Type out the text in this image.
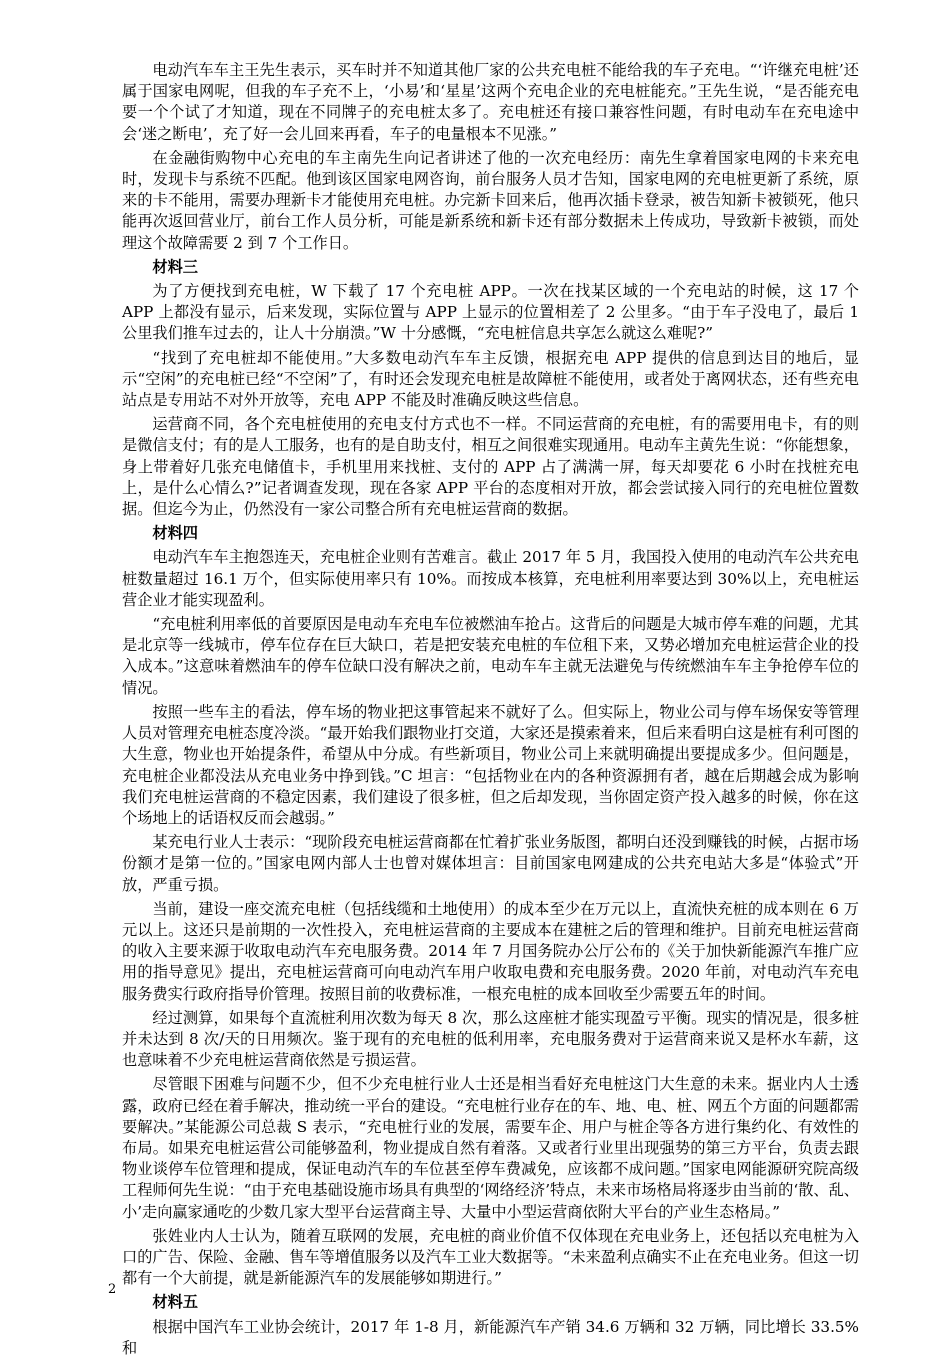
电动汽车车主王先生表示，买车时并不知道其他厂家的公共充电桩不能给我的车子充电。“‘许继充电桩’还属于国家电网呢，但我的车子充不上，‘小易’和‘星星’这两个充电企业的充电桩能充。”王先生说，“是否能充电要一个个试了才知道，现在不同牌子的充电桩太多了。充电桩还有接口兼容性问题，有时电动车在充电途中会‘迷之断电’，充了好一会儿回来再看，车子的电量根本不见涨。”

在金融街购物中心充电的车主南先生向记者讲述了他的一次充电经历：南先生拿着国家电网的卡来充电时，发现卡与系统不匹配。他到该区国家电网咨询，前台服务人员才告知，国家电网的充电桩更新了系统，原来的卡不能用，需要办理新卡才能使用充电桩。办完新卡回来后，他再次插卡登录，被告知新卡被锁死，他只能再次返回营业厅，前台工作人员分析，可能是新系统和新卡还有部分数据未上传成功，导致新卡被锁，而处理这个故障需要 2 到 7 个工作日。

材料三

为了方便找到充电桩，W 下载了 17 个充电桩 APP。一次在找某区域的一个充电站的时候，这 17 个 APP 上都没有显示，后来发现，实际位置与 APP 上显示的位置相差了 2 公里多。“由于车子没电了，最后 1 公里我们推车过去的，让人十分崩溃。”W 十分感慨，“充电桩信息共享怎么就这么难呢?”

“找到了充电桩却不能使用。”大多数电动汽车车主反馈，根据充电 APP 提供的信息到达目的地后，显示“空闲”的充电桩已经“不空闲”了，有时还会发现充电桩是故障桩不能使用，或者处于离网状态，还有些充电站点是专用站不对外开放等，充电 APP 不能及时准确反映这些信息。

运营商不同，各个充电桩使用的充电支付方式也不一样。不同运营商的充电桩，有的需要用电卡，有的则是微信支付；有的是人工服务，也有的是自助支付，相互之间很难实现通用。电动车主黄先生说：“你能想象，身上带着好几张充电储值卡，手机里用来找桩、支付的 APP 占了满满一屏，每天却要花 6 小时在找桩充电上，是什么心情么?”记者调查发现，现在各家 APP 平台的态度相对开放，都会尝试接入同行的充电桩位置数据。但迄今为止，仍然没有一家公司整合所有充电桩运营商的数据。

材料四

电动汽车车主抱怨连天，充电桩企业则有苦难言。截止 2017 年 5 月，我国投入使用的电动汽车公共充电桩数量超过 16.1 万个，但实际使用率只有 10%。而按成本核算，充电桩利用率要达到 30%以上，充电桩运营企业才能实现盈利。

“充电桩利用率低的首要原因是电动车充电车位被燃油车抢占。这背后的问题是大城市停车难的问题，尤其是北京等一线城市，停车位存在巨大缺口，若是把安装充电桩的车位租下来，又势必增加充电桩运营企业的投入成本。”这意味着燃油车的停车位缺口没有解决之前，电动车车主就无法避免与传统燃油车车主争抢停车位的情况。

按照一些车主的看法，停车场的物业把这事管起来不就好了么。但实际上，物业公司与停车场保安等管理人员对管理充电桩态度冷淡。“最开始我们跟物业打交道，大家还是摸索着来，但后来看明白这是桩有利可图的大生意，物业也开始提条件，希望从中分成。有些新项目，物业公司上来就明确提出要提成多少。但问题是，充电桩企业都没法从充电业务中挣到钱。”C 坦言：“包括物业在内的各种资源拥有者，越在后期越会成为影响我们充电桩运营商的不稳定因素，我们建设了很多桩，但之后却发现，当你固定资产投入越多的时候，你在这个场地上的话语权反而会越弱。”

某充电行业人士表示：“现阶段充电桩运营商都在忙着扩张业务版图，都明白还没到赚钱的时候，占据市场份额才是第一位的。”国家电网内部人士也曾对媒体坦言：目前国家电网建成的公共充电站大多是“体验式”开放，严重亏损。

当前，建设一座交流充电桩（包括线缆和土地使用）的成本至少在万元以上，直流快充桩的成本则在 6 万元以上。这还只是前期的一次性投入，充电桩运营商的主要成本在建桩之后的管理和维护。目前充电桩运营商的收入主要来源于收取电动汽车充电服务费。2014 年 7 月国务院办公厅公布的《关于加快新能源汽车推广应用的指导意见》提出，充电桩运营商可向电动汽车用户收取电费和充电服务费。2020 年前，对电动汽车充电服务费实行政府指导价管理。按照目前的收费标准，一根充电桩的成本回收至少需要五年的时间。

经过测算，如果每个直流桩利用次数为每天 8 次，那么这座桩才能实现盈亏平衡。现实的情况是，很多桩并未达到 8 次/天的日用频次。鉴于现有的充电桩的低利用率，充电服务费对于运营商来说又是杯水车薪，这也意味着不少充电桩运营商依然是亏损运营。

尽管眼下困难与问题不少，但不少充电桩行业人士还是相当看好充电桩这门大生意的未来。据业内人士透露，政府已经在着手解决，推动统一平台的建设。“充电桩行业存在的车、地、电、桩、网五个方面的问题都需要解决。”某能源公司总裁 S 表示，“充电桩行业的发展，需要车企、用户与桩企等各方进行集约化、有效性的布局。如果充电桩运营公司能够盈利，物业提成自然有着落。又或者行业里出现强势的第三方平台，负责去跟物业谈停车位管理和提成，保证电动汽车的车位甚至停车费减免，应该都不成问题。”国家电网能源研究院高级工程师何先生说：“由于充电基础设施市场具有典型的‘网络经济’特点，未来市场格局将逐步由当前的‘散、乱、小’走向赢家通吃的少数几家大型平台运营商主导、大量中小型运营商依附大平台的产业生态格局。”

张姓业内人士认为，随着互联网的发展，充电桩的商业价值不仅体现在充电业务上，还包括以充电桩为入口的广告、保险、金融、售车等增值服务以及汽车工业大数据等。“未来盈利点确实不止在充电业务。但这一切都有一个大前提，就是新能源汽车的发展能够如期进行。”

材料五

根据中国汽车工业协会统计，2017 年 1-8 月，新能源汽车产销 34.6 万辆和 32 万辆，同比增长 33.5%和

2
